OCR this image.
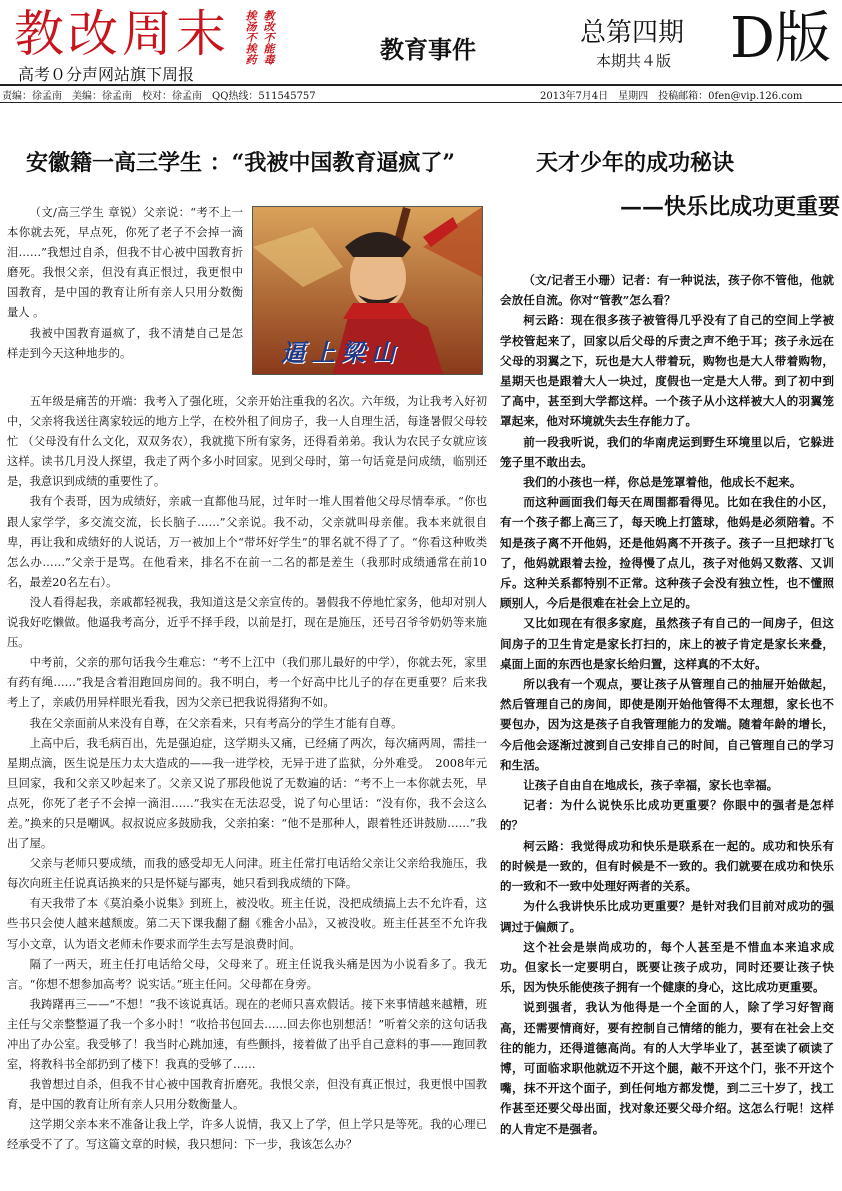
教改周末 挨汤不挨药 教改不能毒
高考０分声网站旗下周报
教育事件
总第四期
本期共４版 D版
责编：徐孟南　美编：徐孟南　校对：徐孟南　QQ热线：511545757	2013年7月4日　星期四　投稿邮箱：0fen@vip.126.com
安徽籍一高三学生 ：“我被中国教育逼疯了”	天才少年的成功秘诀
——快乐比成功更重要

（文/高三学生 章锐）父亲说：“考不上一本你就去死，早点死，你死了老子不会掉一滴泪……”我想过自杀，但我不甘心被中国教育折磨死。我恨父亲，但没有真正恨过，我更恨中国教育，是中国的教育让所有亲人只用分数衡量人 。

我被中国教育逼疯了，我不清楚自己是怎样走到今天这种地步的。	逼上梁山

五年级是痛苦的开端：我考入了强化班，父亲开始注重我的名次。六年级，为让我考入好初中，父亲将我送往离家较远的地方上学，在校外租了间房子，我一人自理生活，每逢暑假父母较忙 （父母没有什么文化，双双务农），我就揽下所有家务，还得看弟弟。我认为农民子女就应该这样。读书几月没人探望，我走了两个多小时回家。见到父母时，第一句话竟是问成绩，临别还是，我意识到成绩的重要性了。

我有个表哥，因为成绩好，亲戚一直都他马屁，过年时一堆人围着他父母尽情奉承。“你也跟人家学学，多交流交流，长长脑子……”父亲说。我不动，父亲就叫母亲催。我本来就很自卑，再让我和成绩好的人说话，万一被加上个“带坏好学生”的罪名就不得了了。“你看这种败类怎么办……”父亲于是骂。在他看来，排名不在前一二名的都是差生（我那时成绩通常在前10名，最差20名左右）。

没人看得起我，亲戚都轻视我，我知道这是父亲宣传的。暑假我不停地忙家务，他却对别人说我好吃懒做。他逼我考高分，近乎不择手段，以前是打，现在是施压，还号召爷爷奶奶等来施压。

中考前，父亲的那句话我今生难忘：“考不上江中（我们那儿最好的中学），你就去死，家里有药有绳……”我是含着泪跑回房间的。我不明白，考一个好高中比儿子的存在更重要？后来我考上了，亲戚仍用异样眼光看我，因为父亲已把我说得猪狗不如。

我在父亲面前从来没有自尊，在父亲看来，只有考高分的学生才能有自尊。

上高中后，我毛病百出，先是强迫症，这学期头又痛，已经痛了两次，每次痛两周，需挂一星期点滴，医生说是压力太大造成的——我一进学校，无异于进了监狱，分外难受。　2008年元旦回家，我和父亲又吵起来了。父亲又说了那段他说了无数遍的话：“考不上一本你就去死，早点死，你死了老子不会掉一滴泪……”我实在无法忍受，说了句心里话：“没有你，我不会这么差。”换来的只是嘲讽。叔叔说应多鼓励我，父亲拍案：“他不是那种人，跟着牲还讲鼓励……”我出了屋。

父亲与老师只要成绩，而我的感受却无人问津。班主任常打电话给父亲让父亲给我施压，我每次向班主任说真话换来的只是怀疑与鄙夷，她只看到我成绩的下降。

有天我带了本《莫泊桑小说集》到班上，被没收。班主任说，没把成绩搞上去不允许看，这些书只会使人越来越颓废。第二天下课我翻了翻《雅舍小品》，又被没收。班主任甚至不允许我写小文章，认为语文老师未作要求而学生去写是浪费时间。

隔了一两天，班主任打电话给父母，父母来了。班主任说我头痛是因为小说看多了。我无言。“你想不想参加高考？说实话。”班主任问。父母都在身旁。

我踌躇再三——“不想！”我不该说真话。现在的老师只喜欢假话。接下来事情越来越糟，班主任与父亲整整逼了我一个多小时！“收拾书包回去……回去你也别想活！”听着父亲的这句话我冲出了办公室。我受够了！我当时心跳加速，有些颤抖，接着做了出乎自己意料的事——跑回教室，将教科书全部扔到了楼下！我真的受够了……

我曾想过自杀，但我不甘心被中国教育折磨死。我恨父亲，但没有真正恨过，我更恨中国教育，是中国的教育让所有亲人只用分数衡量人。

这学期父亲本来不准备让我上学，许多人说情，我又上了学，但上学只是等死。我的心理已经承受不了了。写这篇文章的时候，我只想问：下一步，我该怎么办？

（文/记者王小珊）记者：有一种说法，孩子你不管他，他就会放任自流。你对“管教”怎么看？

柯云路：现在很多孩子被管得几乎没有了自己的空间上学被学校管起来了，回家以后父母的斥责之声不绝于耳；孩子永远在父母的羽翼之下，玩也是大人带着玩，购物也是大人带着购物，星期天也是跟着大人一块过，度假也一定是大人带。到了初中到了高中，甚至到大学都这样。一个孩子从小这样被大人的羽翼笼罩起来，他对环境就失去生存能力了。

前一段我听说，我们的华南虎运到野生环境里以后，它躲进笼子里不敢出去。

我们的小孩也一样，你总是笼罩着他，他成长不起来。

而这种画面我们每天在周围都看得见。比如在我住的小区，有一个孩子都上高三了，每天晚上打篮球，他妈是必须陪着。不知是孩子离不开他妈，还是他妈离不开孩子。孩子一旦把球打飞了，他妈就跟着去捡，捡得慢了点儿，孩子对他妈又数落、又训斥。这种关系都特别不正常。这种孩子会没有独立性，也不懂照顾别人，今后是很难在社会上立足的。

又比如现在有很多家庭，虽然孩子有自己的一间房子，但这间房子的卫生肯定是家长打扫的，床上的被子肯定是家长来叠，桌面上面的东西也是家长给归置，这样真的不太好。

所以我有一个观点，要让孩子从管理自己的抽屉开始做起，然后管理自己的房间，即使是刚开始他管得不太理想，家长也不要包办，因为这是孩子自我管理能力的发端。随着年龄的增长，今后他会逐渐过渡到自己安排自己的时间，自己管理自己的学习和生活。

让孩子自由自在地成长，孩子幸福，家长也幸福。

记者：为什么说快乐比成功更重要？你眼中的强者是怎样的？

柯云路：我觉得成功和快乐是联系在一起的。成功和快乐有的时候是一致的，但有时候是不一致的。我们就要在成功和快乐的一致和不一致中处理好两者的关系。

为什么我讲快乐比成功更重要？是针对我们目前对成功的强调过于偏颇了。

这个社会是崇尚成功的，每个人甚至是不惜血本来追求成功。但家长一定要明白，既要让孩子成功，同时还要让孩子快乐，因为快乐能使孩子拥有一个健康的身心，这比成功更重要。

说到强者，我认为他得是一个全面的人，除了学习好智商高，还需要情商好，要有控制自己情绪的能力，要有在社会上交往的能力，还得道德高尚。有的人大学毕业了，甚至读了硕读了博，可面临求职他就迈不开这个腿，敲不开这个门，张不开这个嘴，抹不开这个面子，到任何地方都发憷，到二三十岁了，找工作甚至还要父母出面，找对象还要父母介绍。这怎么行呢！这样的人肯定不是强者。
